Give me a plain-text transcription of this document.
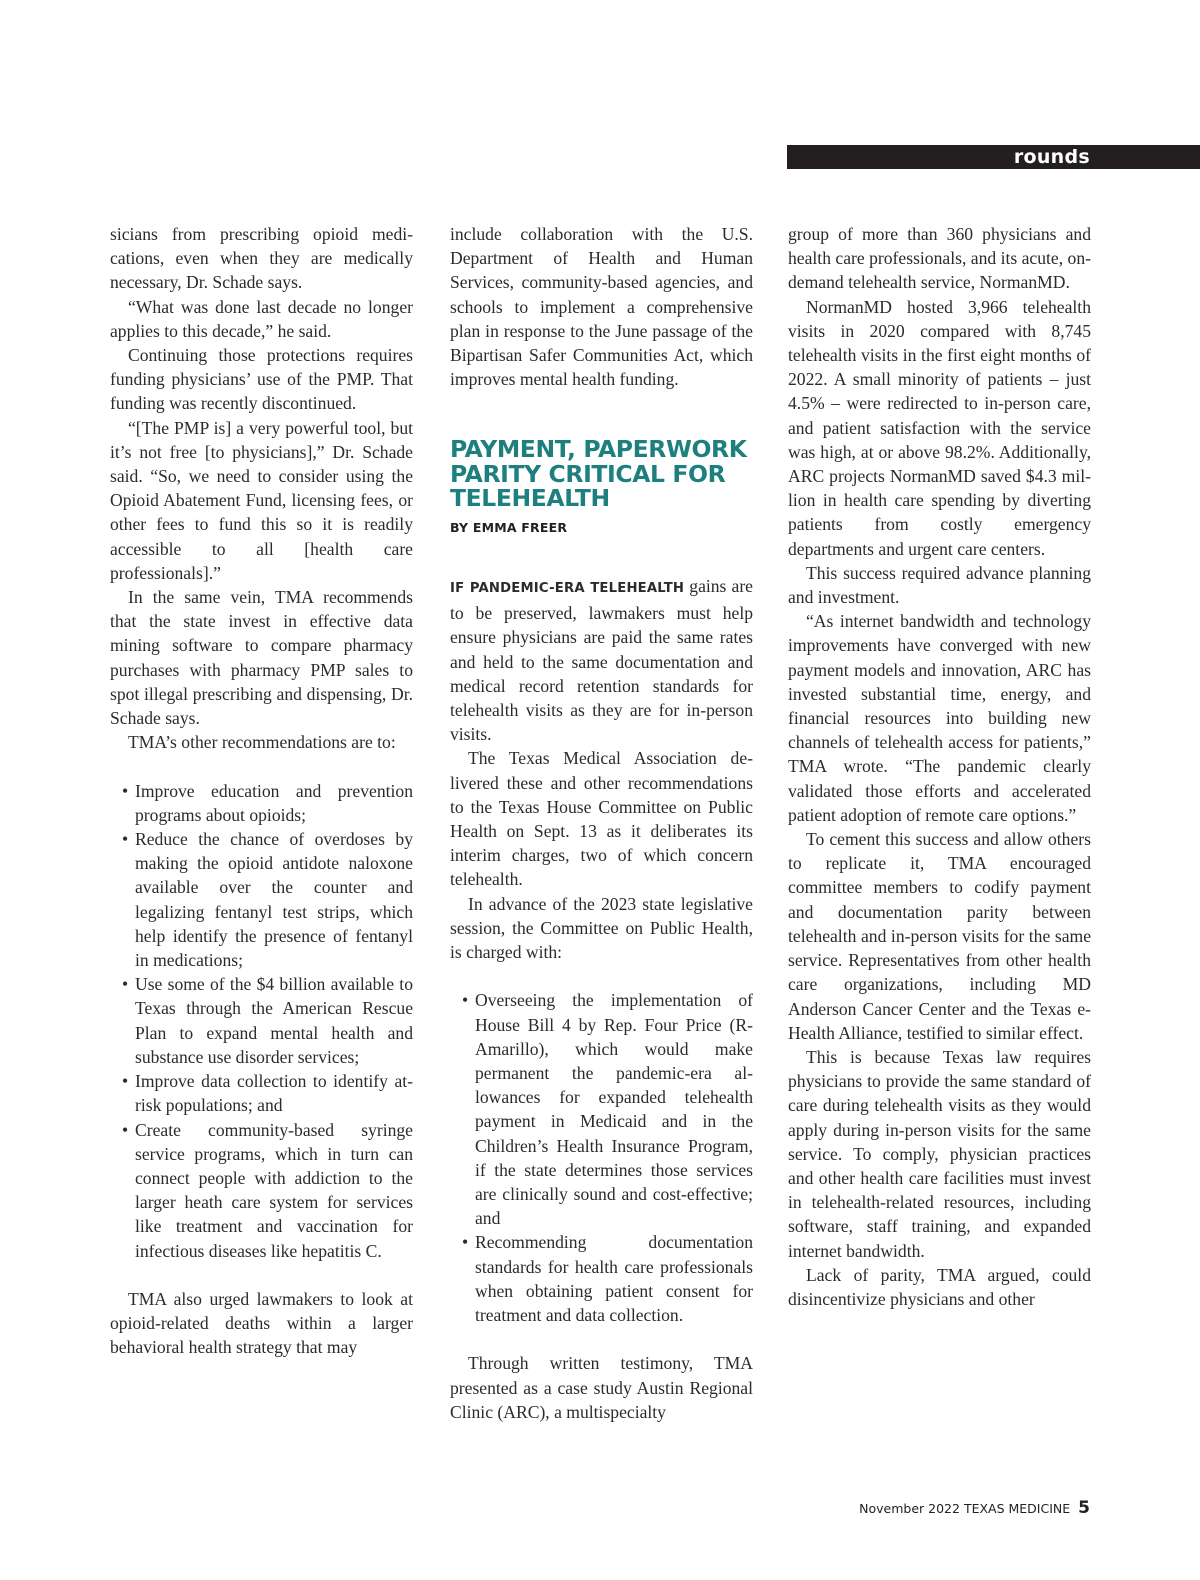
rounds

sicians from prescribing opioid medications, even when they are medically necessary, Dr. Schade says.

“What was done last decade no longer applies to this decade,” he said.

Continuing those protections requires funding physicians’ use of the PMP. That funding was recently discontinued.

“[The PMP is] a very powerful tool, but it’s not free [to physicians],” Dr. Schade said. “So, we need to consider using the Opioid Abatement Fund, licensing fees, or other fees to fund this so it is readily accessible to all [health care professionals].”

In the same vein, TMA recommends that the state invest in effective data mining software to compare pharmacy purchases with pharmacy PMP sales to spot illegal prescribing and dispensing, Dr. Schade says.

TMA’s other recommendations are to:

• Improve education and prevention programs about opioids;
• Reduce the chance of overdoses by making the opioid antidote naloxone available over the counter and legalizing fentanyl test strips, which help identify the presence of fentanyl in medications;
• Use some of the $4 billion available to Texas through the American Rescue Plan to expand mental health and substance use disorder services;
• Improve data collection to identify at-risk populations; and
• Create community-based syringe service programs, which in turn can connect people with addiction to the larger heath care system for services like treatment and vaccination for infectious diseases like hepatitis C.

TMA also urged lawmakers to look at opioid-related deaths within a larger behavioral health strategy that may

include collaboration with the U.S. Department of Health and Human Services, community-based agencies, and schools to implement a comprehensive plan in response to the June passage of the Bipartisan Safer Communities Act, which improves mental health funding.

PAYMENT, PAPERWORK PARITY CRITICAL FOR TELEHEALTH
BY EMMA FREER

IF PANDEMIC-ERA TELEHEALTH gains are to be preserved, lawmakers must help ensure physicians are paid the same rates and held to the same documentation and medical record retention standards for telehealth visits as they are for in-person visits.

The Texas Medical Association delivered these and other recommendations to the Texas House Committee on Public Health on Sept. 13 as it deliberates its interim charges, two of which concern telehealth.

In advance of the 2023 state legislative session, the Committee on Public Health, is charged with:

• Overseeing the implementation of House Bill 4 by Rep. Four Price (R-Amarillo), which would make permanent the pandemic-era allowances for expanded telehealth payment in Medicaid and in the Children’s Health Insurance Program, if the state determines those services are clinically sound and cost-effective; and
• Recommending documentation standards for health care professionals when obtaining patient consent for treatment and data collection.

Through written testimony, TMA presented as a case study Austin Regional Clinic (ARC), a multispecialty

group of more than 360 physicians and health care professionals, and its acute, on-demand telehealth service, NormanMD.

NormanMD hosted 3,966 telehealth visits in 2020 compared with 8,745 telehealth visits in the first eight months of 2022. A small minority of patients – just 4.5% – were redirected to in-person care, and patient satisfaction with the service was high, at or above 98.2%. Additionally, ARC projects NormanMD saved $4.3 million in health care spending by diverting patients from costly emergency departments and urgent care centers.

This success required advance planning and investment.

“As internet bandwidth and technology improvements have converged with new payment models and innovation, ARC has invested substantial time, energy, and financial resources into building new channels of telehealth access for patients,” TMA wrote. “The pandemic clearly validated those efforts and accelerated patient adoption of remote care options.”

To cement this success and allow others to replicate it, TMA encouraged committee members to codify payment and documentation parity between telehealth and in-person visits for the same service. Representatives from other health care organizations, including MD Anderson Cancer Center and the Texas e-Health Alliance, testified to similar effect.

This is because Texas law requires physicians to provide the same standard of care during telehealth visits as they would apply during in-person visits for the same service. To comply, physician practices and other health care facilities must invest in telehealth-related resources, including software, staff training, and expanded internet bandwidth.

Lack of parity, TMA argued, could disincentivize physicians and other

November 2022 TEXAS MEDICINE 5
